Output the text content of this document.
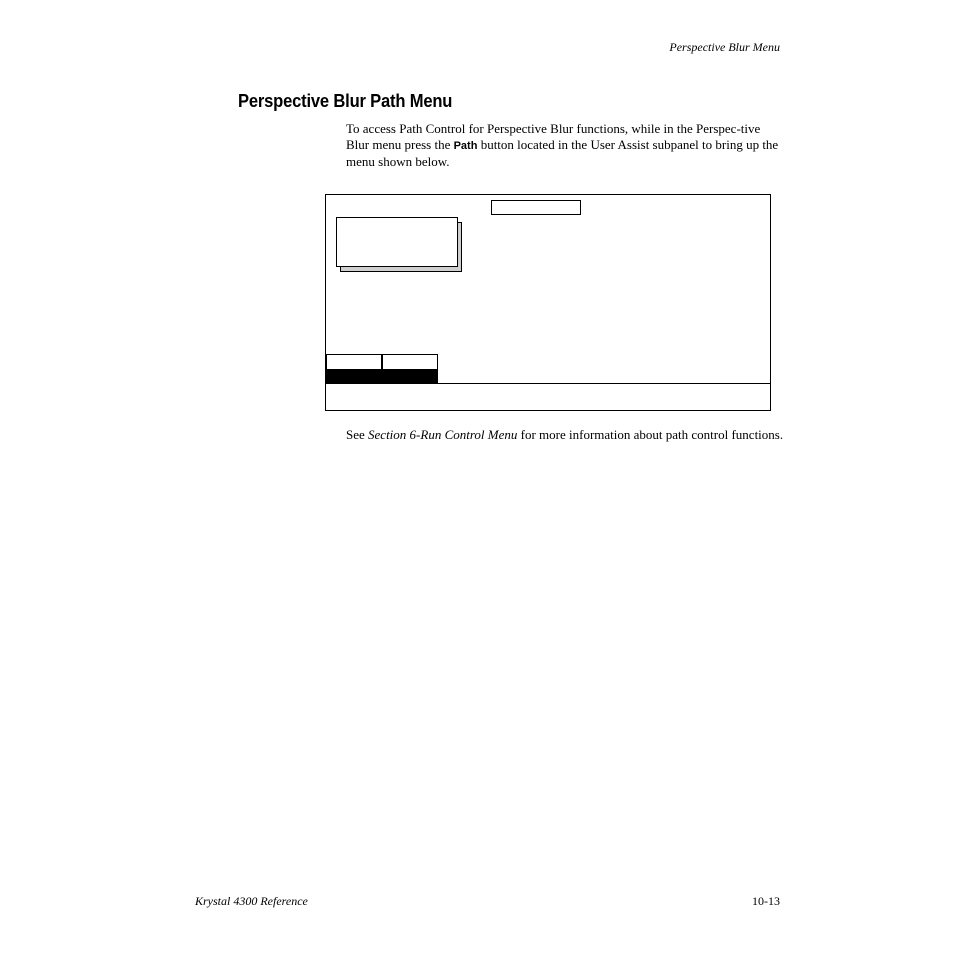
Perspective Blur Menu
Perspective Blur Path Menu

To access Path Control for Perspective Blur functions, while in the Perspec-tive Blur menu press the Path button located in the User Assist subpanel to bring up the menu shown below.

See Section 6-Run Control Menu for more information about path control functions.

Krystal 4300 Reference	10-13
